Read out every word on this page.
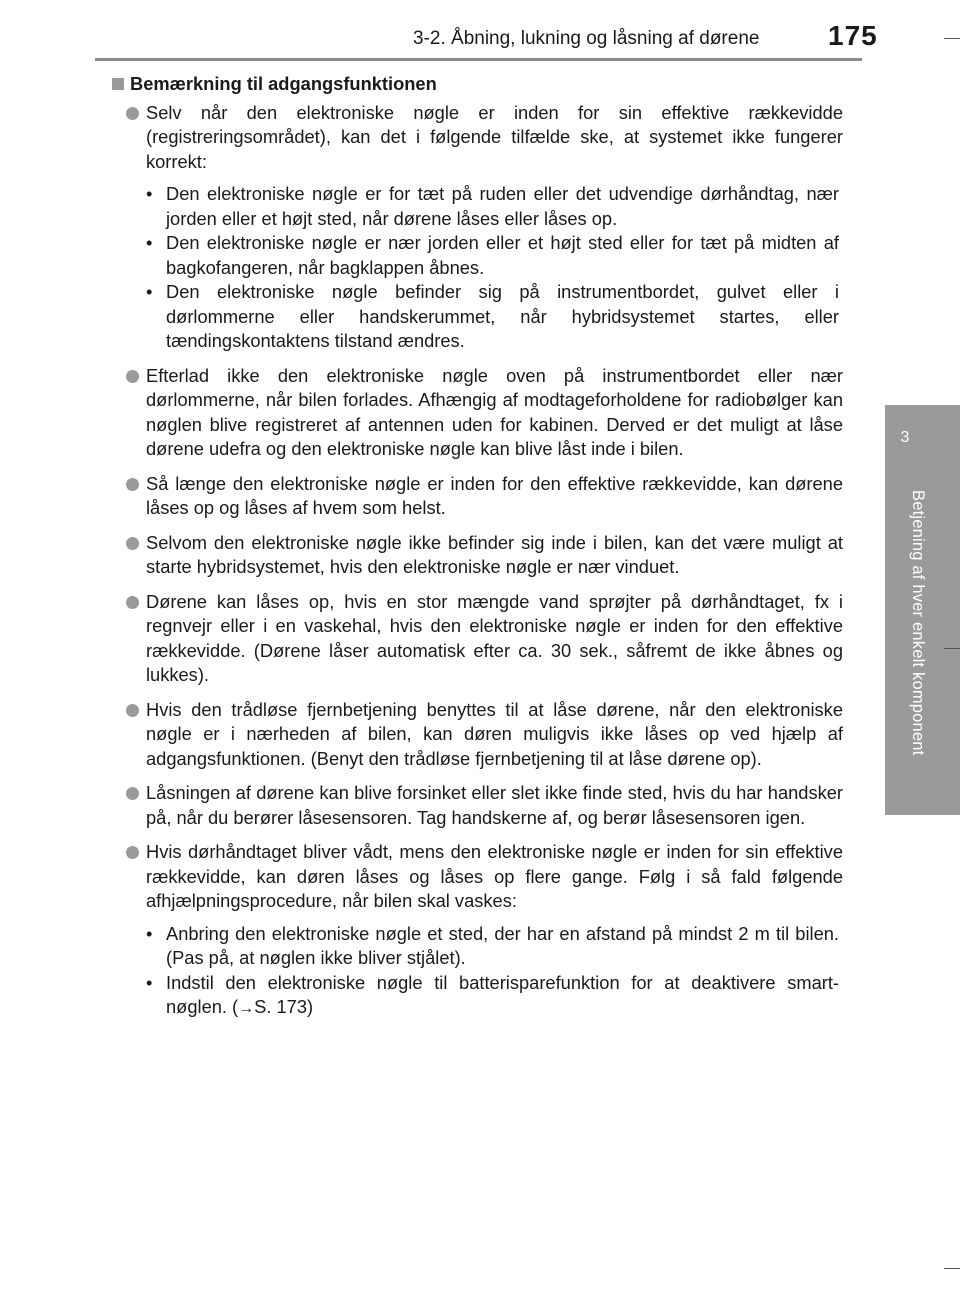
3-2. Åbning, lukning og låsning af dørene 175
3
Betjening af hver enkelt komponent
Bemærkning til adgangsfunktionen
Selv når den elektroniske nøgle er inden for sin effektive rækkevidde (registreringsområdet), kan det i følgende tilfælde ske, at systemet ikke fungerer korrekt:
• Den elektroniske nøgle er for tæt på ruden eller det udvendige dørhåndtag, nær jorden eller et højt sted, når dørene låses eller låses op.
• Den elektroniske nøgle er nær jorden eller et højt sted eller for tæt på midten af bagkofangeren, når bagklappen åbnes.
• Den elektroniske nøgle befinder sig på instrumentbordet, gulvet eller i dørlommerne eller handskerummet, når hybridsystemet startes, eller tændingskontaktens tilstand ændres.
Efterlad ikke den elektroniske nøgle oven på instrumentbordet eller nær dørlommerne, når bilen forlades. Afhængig af modtageforholdene for radiobølger kan nøglen blive registreret af antennen uden for kabinen. Derved er det muligt at låse dørene udefra og den elektroniske nøgle kan blive låst inde i bilen.
Så længe den elektroniske nøgle er inden for den effektive rækkevidde, kan dørene låses op og låses af hvem som helst.
Selvom den elektroniske nøgle ikke befinder sig inde i bilen, kan det være muligt at starte hybridsystemet, hvis den elektroniske nøgle er nær vinduet.
Dørene kan låses op, hvis en stor mængde vand sprøjter på dørhåndtaget, fx i regnvejr eller i en vaskehal, hvis den elektroniske nøgle er inden for den effektive rækkevidde. (Dørene låser automatisk efter ca. 30 sek., såfremt de ikke åbnes og lukkes).
Hvis den trådløse fjernbetjening benyttes til at låse dørene, når den elektroniske nøgle er i nærheden af bilen, kan døren muligvis ikke låses op ved hjælp af adgangsfunktionen. (Benyt den trådløse fjernbetjening til at låse dørene op).
Låsningen af dørene kan blive forsinket eller slet ikke finde sted, hvis du har handsker på, når du berører låsesensoren. Tag handskerne af, og berør låsesensoren igen.
Hvis dørhåndtaget bliver vådt, mens den elektroniske nøgle er inden for sin effektive rækkevidde, kan døren låses og låses op flere gange. Følg i så fald følgende afhjælpningsprocedure, når bilen skal vaskes:
• Anbring den elektroniske nøgle et sted, der har en afstand på mindst 2 m til bilen. (Pas på, at nøglen ikke bliver stjålet).
• Indstil den elektroniske nøgle til batterisparefunktion for at deaktivere smart-nøglen. (→S. 173)
